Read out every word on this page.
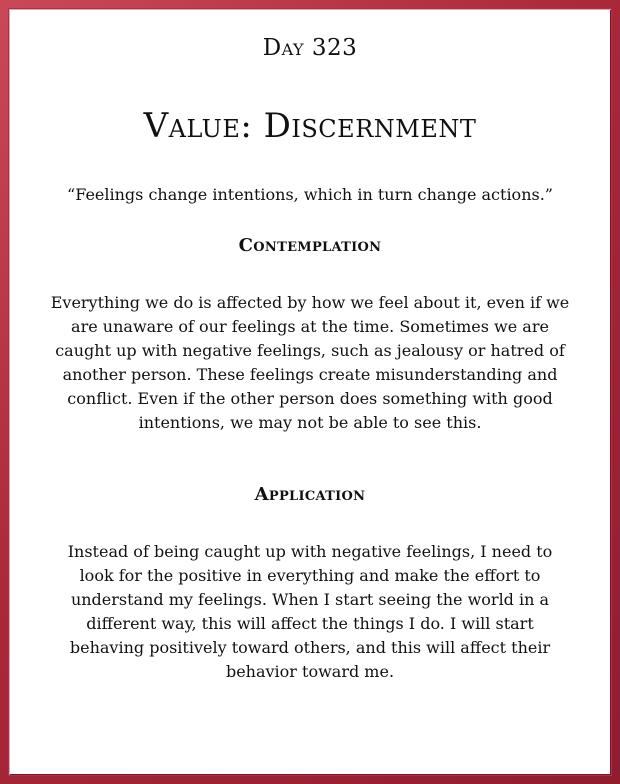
Day 323
Value: Discernment
“Feelings change intentions, which in turn change actions.”
Contemplation
Everything we do is affected by how we feel about it, even if we
are unaware of our feelings at the time. Sometimes we are
caught up with negative feelings, such as jealousy or hatred of
another person. These feelings create misunderstanding and
conflict. Even if the other person does something with good
intentions, we may not be able to see this.
Application
Instead of being caught up with negative feelings, I need to
look for the positive in everything and make the effort to
understand my feelings. When I start seeing the world in a
different way, this will affect the things I do. I will start
behaving positively toward others, and this will affect their
behavior toward me.
